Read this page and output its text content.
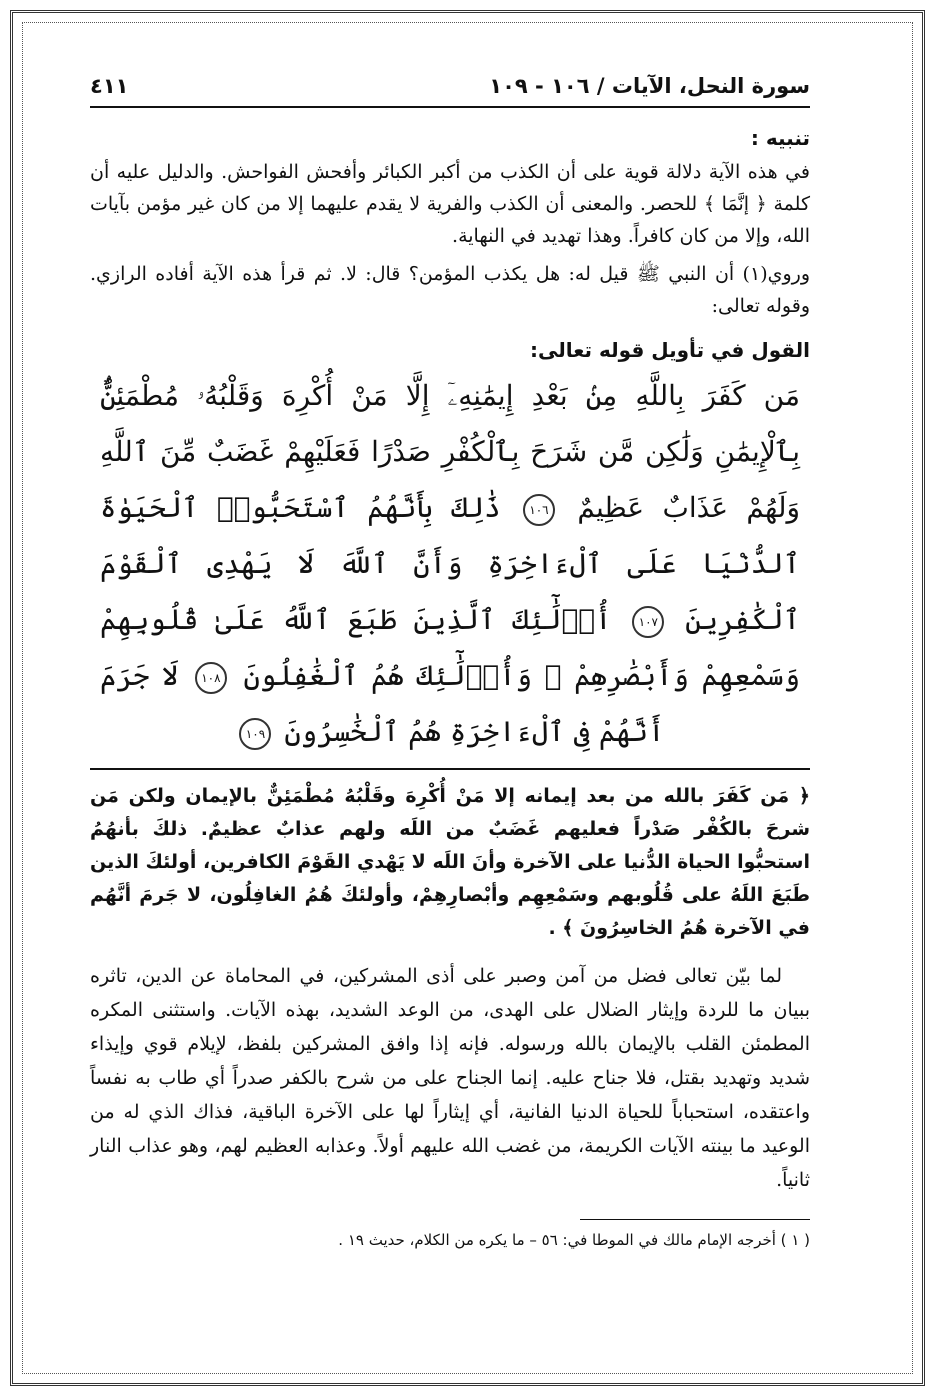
سورة النحل، الآيات / ١٠٦ - ١٠٩
٤١١

تنبيه :

في هذه الآية دلالة قوية على أن الكذب من أكبر الكبائر وأفحش الفواحش. والدليل عليه أن كلمة ﴿ إنَّمَا ﴾ للحصر. والمعنى أن الكذب والفرية لا يقدم عليهما إلا من كان غير مؤمن بآيات الله، وإلا من كان كافراً. وهذا تهديد في النهاية.

وروي(١) أن النبي ﷺ قيل له: هل يكذب المؤمن؟ قال: لا. ثم قرأ هذه الآية أفاده الرازي. وقوله تعالى:

القول في تأويل قوله تعالى:

مَن كَفَرَ بِاللَّهِ مِنۢ بَعْدِ إِيمَٰنِهِۦٓ إِلَّا مَنْ أُكْرِهَ وَقَلْبُهُۥ مُطْمَئِنٌّۢ بِٱلْإِيمَٰنِ وَلَٰكِن مَّن شَرَحَ بِٱلْكُفْرِ صَدْرًا فَعَلَيْهِمْ غَضَبٌ مِّنَ ٱللَّهِ وَلَهُمْ عَذَابٌ عَظِيمٌ ١٠٦ ذَٰلِكَ بِأَنَّهُمُ ٱسْتَحَبُّوا۟ ٱلْحَيَوٰةَ ٱلدُّنْيَا عَلَى ٱلْءَاخِرَةِ وَأَنَّ ٱللَّهَ لَا يَهْدِى ٱلْقَوْمَ ٱلْكَٰفِرِينَ ١٠٧ أُو۟لَٰٓئِكَ ٱلَّذِينَ طَبَعَ ٱللَّهُ عَلَىٰ قُلُوبِهِمْ وَسَمْعِهِمْ وَأَبْصَٰرِهِمْ ۖ وَأُو۟لَٰٓئِكَ هُمُ ٱلْغَٰفِلُونَ ١٠٨ لَا جَرَمَ أَنَّهُمْ فِى ٱلْءَاخِرَةِ هُمُ ٱلْخَٰسِرُونَ ١٠٩

﴿ مَن كَفَرَ بالله من بعد إيمانه إلا مَنْ أُكْرِهَ وقَلْبُهُ مُطْمَئِنٌّ بالإيمان ولكن مَن شرحَ بالكُفْر صَدْراً فعليهم غَضَبٌ من اللَه ولهم عذابٌ عظيمٌ. ذلكَ بأنهُمُ استحبُّوا الحياة الدُّنيا على الآخرة وأنَ اللَه لا يَهْدي القَوْمَ الكافرين، أولئكَ الذين طَبَعَ اللَهُ على قُلُوبهم وسَمْعِهِم وأبْصارِهِمْ، وأولئكَ هُمُ الغافِلُون، لا جَرمَ أنَّهُم في الآخرة هُمُ الخاسِرُونَ ﴾ .

لما بيّن تعالى فضل من آمن وصبر على أذى المشركين، في المحاماة عن الدين، تاثره ببيان ما للردة وإيثار الضلال على الهدى، من الوعد الشديد، بهذه الآيات. واستثنى المكره المطمئن القلب بالإيمان بالله ورسوله. فإنه إذا وافق المشركين بلفظ، لإيلام قوي وإيذاء شديد وتهديد بقتل، فلا جناح عليه. إنما الجناح على من شرح بالكفر صدراً أي طاب به نفساً واعتقده، استحباباً للحياة الدنيا الفانية، أي إيثاراً لها على الآخرة الباقية، فذاك الذي له من الوعيد ما بينته الآيات الكريمة، من غضب الله عليهم أولاً. وعذابه العظيم لهم، وهو عذاب النار ثانياً.

( ١ ) أخرجه الإمام مالك في الموطا في: ٥٦ – ما يكره من الكلام، حديث ١٩ .
